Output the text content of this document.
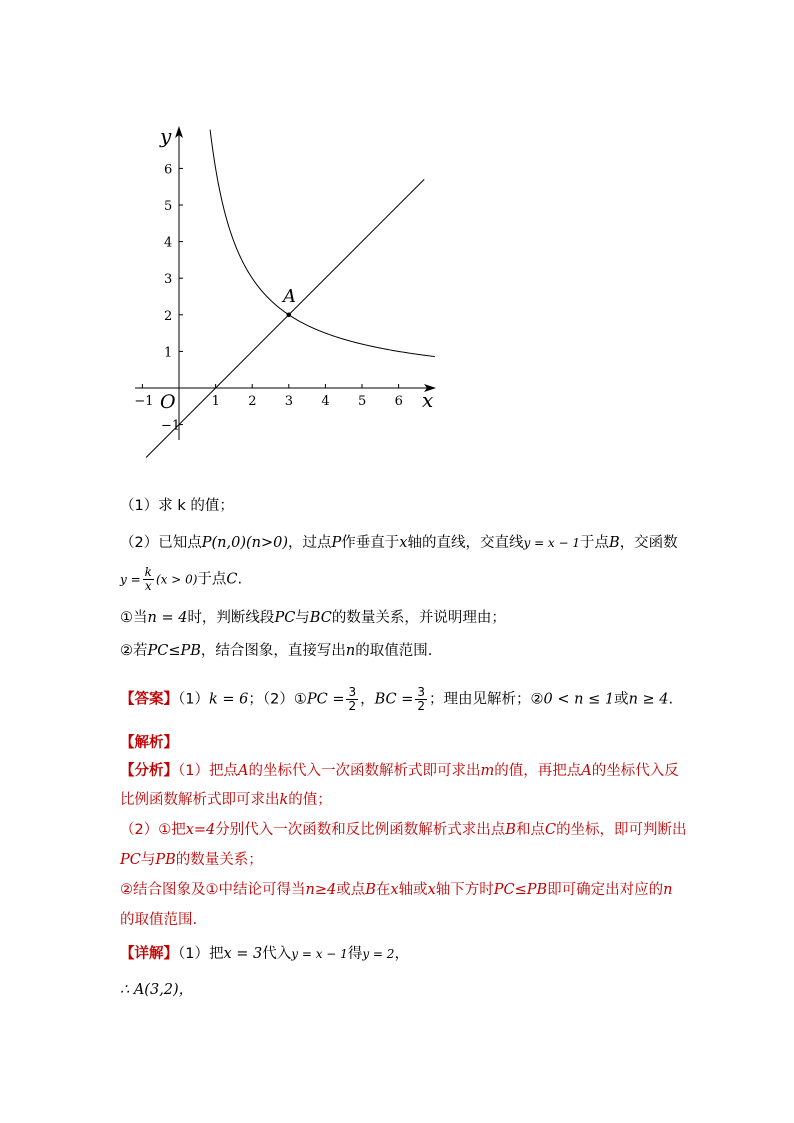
−1	1 2 3 4 5 6
6
5
4
3
2
1
−1
y
x
O
A
（1）求 k 的值；
（2）已知点P(n,0)(n>0)，过点P作垂直于x轴的直线，交直线y = x − 1于点B，交函数
$y = \frac{k}{x} (x > 0)$于点C.
①当n = 4时，判断线段PC与BC的数量关系，并说明理由；
②若PC≤PB，结合图象，直接写出n的取值范围.
【答案】（1）k = 6；（2）①PC = $\frac{3}{2}$ ，BC = $\frac{3}{2}$ ；理由见解析；②0 < n ≤ 1或n ≥ 4.
【解析】
【分析】（1）把点A的坐标代入一次函数解析式即可求出m的值，再把点A的坐标代入反
比例函数解析式即可求出k的值；
（2）①把x=4分别代入一次函数和反比例函数解析式求出点B和点C的坐标，即可判断出
PC与PB的数量关系；
②结合图象及①中结论可得当n≥4或点B在x轴或x轴下方时PC≤PB即可确定出对应的n
的取值范围.
【详解】（1）把x = 3代入y = x − 1得y = 2，
∴ A(3,2)，
